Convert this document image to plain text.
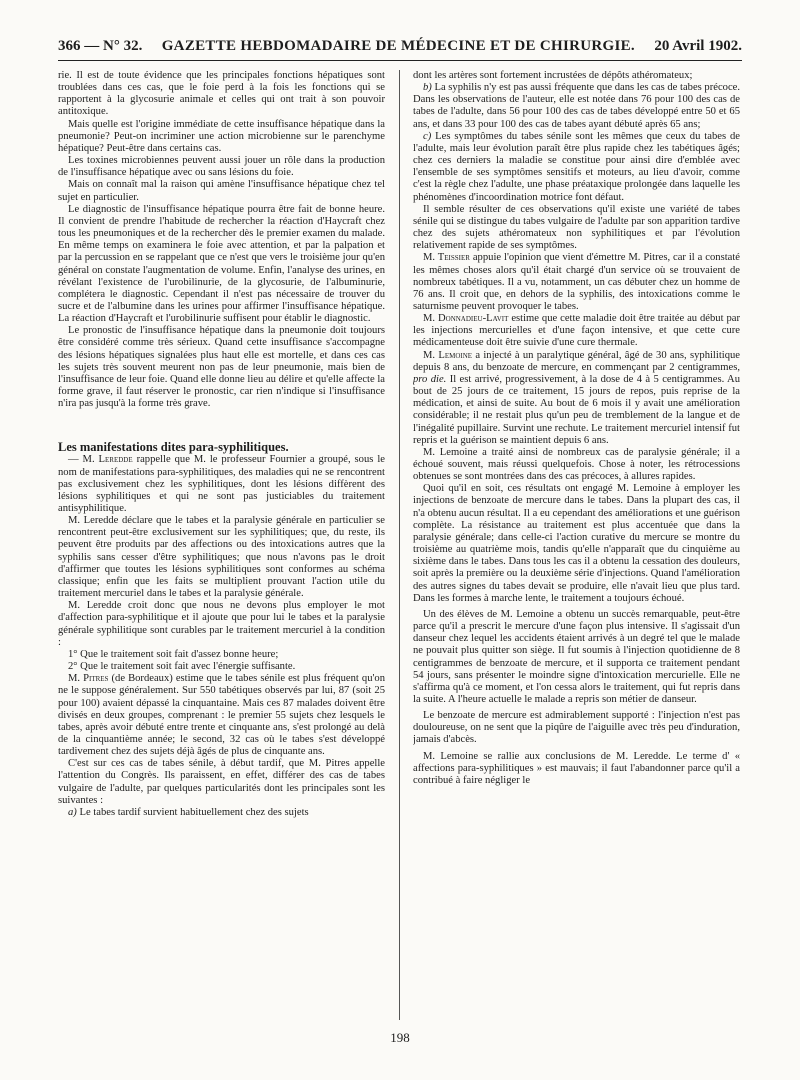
366 — N° 32. GAZETTE HEBDOMADAIRE DE MÉDECINE ET DE CHIRURGIE. 20 Avril 1902.

rie. Il est de toute évidence que les principales fonctions hépatiques sont troublées dans ces cas, que le foie perd à la fois les fonctions qui se rapportent à la glycosurie animale et celles qui ont trait à son pouvoir antitoxique.

Mais quelle est l'origine immédiate de cette insuffisance hépatique dans la pneumonie? Peut-on incriminer une action microbienne sur le parenchyme hépatique? Peut-être dans certains cas.

Les toxines microbiennes peuvent aussi jouer un rôle dans la production de l'insuffisance hépatique avec ou sans lésions du foie.

Mais on connaît mal la raison qui amène l'insuffisance hépatique chez tel sujet en particulier.

Le diagnostic de l'insuffisance hépatique pourra être fait de bonne heure. Il convient de prendre l'habitude de rechercher la réaction d'Haycraft chez tous les pneumoniques et de la rechercher dès le premier examen du malade. En même temps on examinera le foie avec attention, et par la palpation et par la percussion en se rappelant que ce n'est que vers le troisième jour qu'en général on constate l'augmentation de volume. Enfin, l'analyse des urines, en révélant l'existence de l'urobilinurie, de la glycosurie, de l'albuminurie, complétera le diagnostic. Cependant il n'est pas nécessaire de trouver du sucre et de l'albumine dans les urines pour affirmer l'insuffisance hépatique. La réaction d'Haycraft et l'urobilinurie suffisent pour établir le diagnostic.

Le pronostic de l'insuffisance hépatique dans la pneumonie doit toujours être considéré comme très sérieux. Quand cette insuffisance s'accompagne des lésions hépatiques signalées plus haut elle est mortelle, et dans ces cas les sujets très souvent meurent non pas de leur pneumonie, mais bien de l'insuffisance de leur foie. Quand elle donne lieu au délire et qu'elle affecte la forme grave, il faut réserver le pronostic, car rien n'indique si l'insuffisance n'ira pas jusqu'à la forme très grave.

Les manifestations dites para-syphilitiques.

— M. Leredde rappelle que M. le professeur Fournier a groupé, sous le nom de manifestations para-syphilitiques, des maladies qui ne se rencontrent pas exclusivement chez les syphilitiques, dont les lésions diffèrent des lésions syphilitiques et qui ne sont pas justiciables du traitement antisyphilitique.

M. Leredde déclare que le tabes et la paralysie générale en particulier se rencontrent peut-être exclusivement sur les syphilitiques; que, du reste, ils peuvent être produits par des affections ou des intoxications autres que la syphilis sans cesser d'être syphilitiques; que nous n'avons pas le droit d'affirmer que toutes les lésions syphilitiques sont conformes au schéma classique; enfin que les faits se multiplient prouvant l'action utile du traitement mercuriel dans le tabes et la paralysie générale.

M. Leredde croit donc que nous ne devons plus employer le mot d'affection para-syphilitique et il ajoute que pour lui le tabes et la paralysie générale syphilitique sont curables par le traitement mercuriel à la condition :

1° Que le traitement soit fait d'assez bonne heure;

2° Que le traitement soit fait avec l'énergie suffisante.

M. Pitres (de Bordeaux) estime que le tabes sénile est plus fréquent qu'on ne le suppose généralement. Sur 550 tabétiques observés par lui, 87 (soit 25 pour 100) avaient dépassé la cinquantaine. Mais ces 87 malades doivent être divisés en deux groupes, comprenant : le premier 55 sujets chez lesquels le tabes, après avoir débuté entre trente et cinquante ans, s'est prolongé au delà de la cinquantième année; le second, 32 cas où le tabes s'est développé tardivement chez des sujets déjà âgés de plus de cinquante ans.

C'est sur ces cas de tabes sénile, à début tardif, que M. Pitres appelle l'attention du Congrès. Ils paraissent, en effet, différer des cas de tabes vulgaire de l'adulte, par quelques particularités dont les principales sont les suivantes :

a) Le tabes tardif survient habituellement chez des sujets

dont les artères sont fortement incrustées de dépôts athéromateux;

b) La syphilis n'y est pas aussi fréquente que dans les cas de tabes précoce. Dans les observations de l'auteur, elle est notée dans 76 pour 100 des cas de tabes de l'adulte, dans 56 pour 100 des cas de tabes développé entre 50 et 65 ans, et dans 33 pour 100 des cas de tabes ayant débuté après 65 ans;

c) Les symptômes du tabes sénile sont les mêmes que ceux du tabes de l'adulte, mais leur évolution paraît être plus rapide chez les tabétiques âgés; chez ces derniers la maladie se constitue pour ainsi dire d'emblée avec l'ensemble de ses symptômes sensitifs et moteurs, au lieu d'avoir, comme c'est la règle chez l'adulte, une phase préataxique prolongée dans laquelle les phénomènes d'incoordination motrice font défaut.

Il semble résulter de ces observations qu'il existe une variété de tabes sénile qui se distingue du tabes vulgaire de l'adulte par son apparition tardive chez des sujets athéromateux non syphilitiques et par l'évolution relativement rapide de ses symptômes.

M. Teissier appuie l'opinion que vient d'émettre M. Pitres, car il a constaté les mêmes choses alors qu'il était chargé d'un service où se trouvaient de nombreux tabétiques. Il a vu, notamment, un cas débuter chez un homme de 76 ans. Il croit que, en dehors de la syphilis, des intoxications comme le saturnisme peuvent provoquer le tabes.

M. Donnadieu-Lavit estime que cette maladie doit être traitée au début par les injections mercurielles et d'une façon intensive, et que cette cure médicamenteuse doit être suivie d'une cure thermale.

M. Lemoine a injecté à un paralytique général, âgé de 30 ans, syphilitique depuis 8 ans, du benzoate de mercure, en commençant par 2 centigrammes, pro die. Il est arrivé, progressivement, à la dose de 4 à 5 centigrammes. Au bout de 25 jours de ce traitement, 15 jours de repos, puis reprise de la médication, et ainsi de suite. Au bout de 6 mois il y avait une amélioration considérable; il ne restait plus qu'un peu de tremblement de la langue et de l'inégalité pupillaire. Survint une rechute. Le traitement mercuriel intensif fut repris et la guérison se maintient depuis 6 ans.

M. Lemoine a traité ainsi de nombreux cas de paralysie générale; il a échoué souvent, mais réussi quelquefois. Chose à noter, les rétrocessions obtenues se sont montrées dans des cas précoces, à allures rapides.

Quoi qu'il en soit, ces résultats ont engagé M. Lemoine à employer les injections de benzoate de mercure dans le tabes. Dans la plupart des cas, il n'a obtenu aucun résultat. Il a eu cependant des améliorations et une guérison complète. La résistance au traitement est plus accentuée que dans la paralysie générale; dans celle-ci l'action curative du mercure se montre du troisième au quatrième mois, tandis qu'elle n'apparaît que du cinquième au sixième dans le tabes. Dans tous les cas il a obtenu la cessation des douleurs, soit après la première ou la deuxième série d'injections. Quand l'amélioration des autres signes du tabes devait se produire, elle n'avait lieu que plus tard. Dans les formes à marche lente, le traitement a toujours échoué.

Un des élèves de M. Lemoine a obtenu un succès remarquable, peut-être parce qu'il a prescrit le mercure d'une façon plus intensive. Il s'agissait d'un danseur chez lequel les accidents étaient arrivés à un degré tel que le malade ne pouvait plus quitter son siège. Il fut soumis à l'injection quotidienne de 8 centigrammes de benzoate de mercure, et il supporta ce traitement pendant 54 jours, sans présenter le moindre signe d'intoxication mercurielle. Elle ne s'affirma qu'à ce moment, et l'on cessa alors le traitement, qui fut repris dans la suite. A l'heure actuelle le malade a repris son métier de danseur.

Le benzoate de mercure est admirablement supporté : l'injection n'est pas douloureuse, on ne sent que la piqûre de l'aiguille avec très peu d'induration, jamais d'abcès.

M. Lemoine se rallie aux conclusions de M. Leredde. Le terme d' « affections para-syphilitiques » est mauvais; il faut l'abandonner parce qu'il a contribué à faire négliger le

198
